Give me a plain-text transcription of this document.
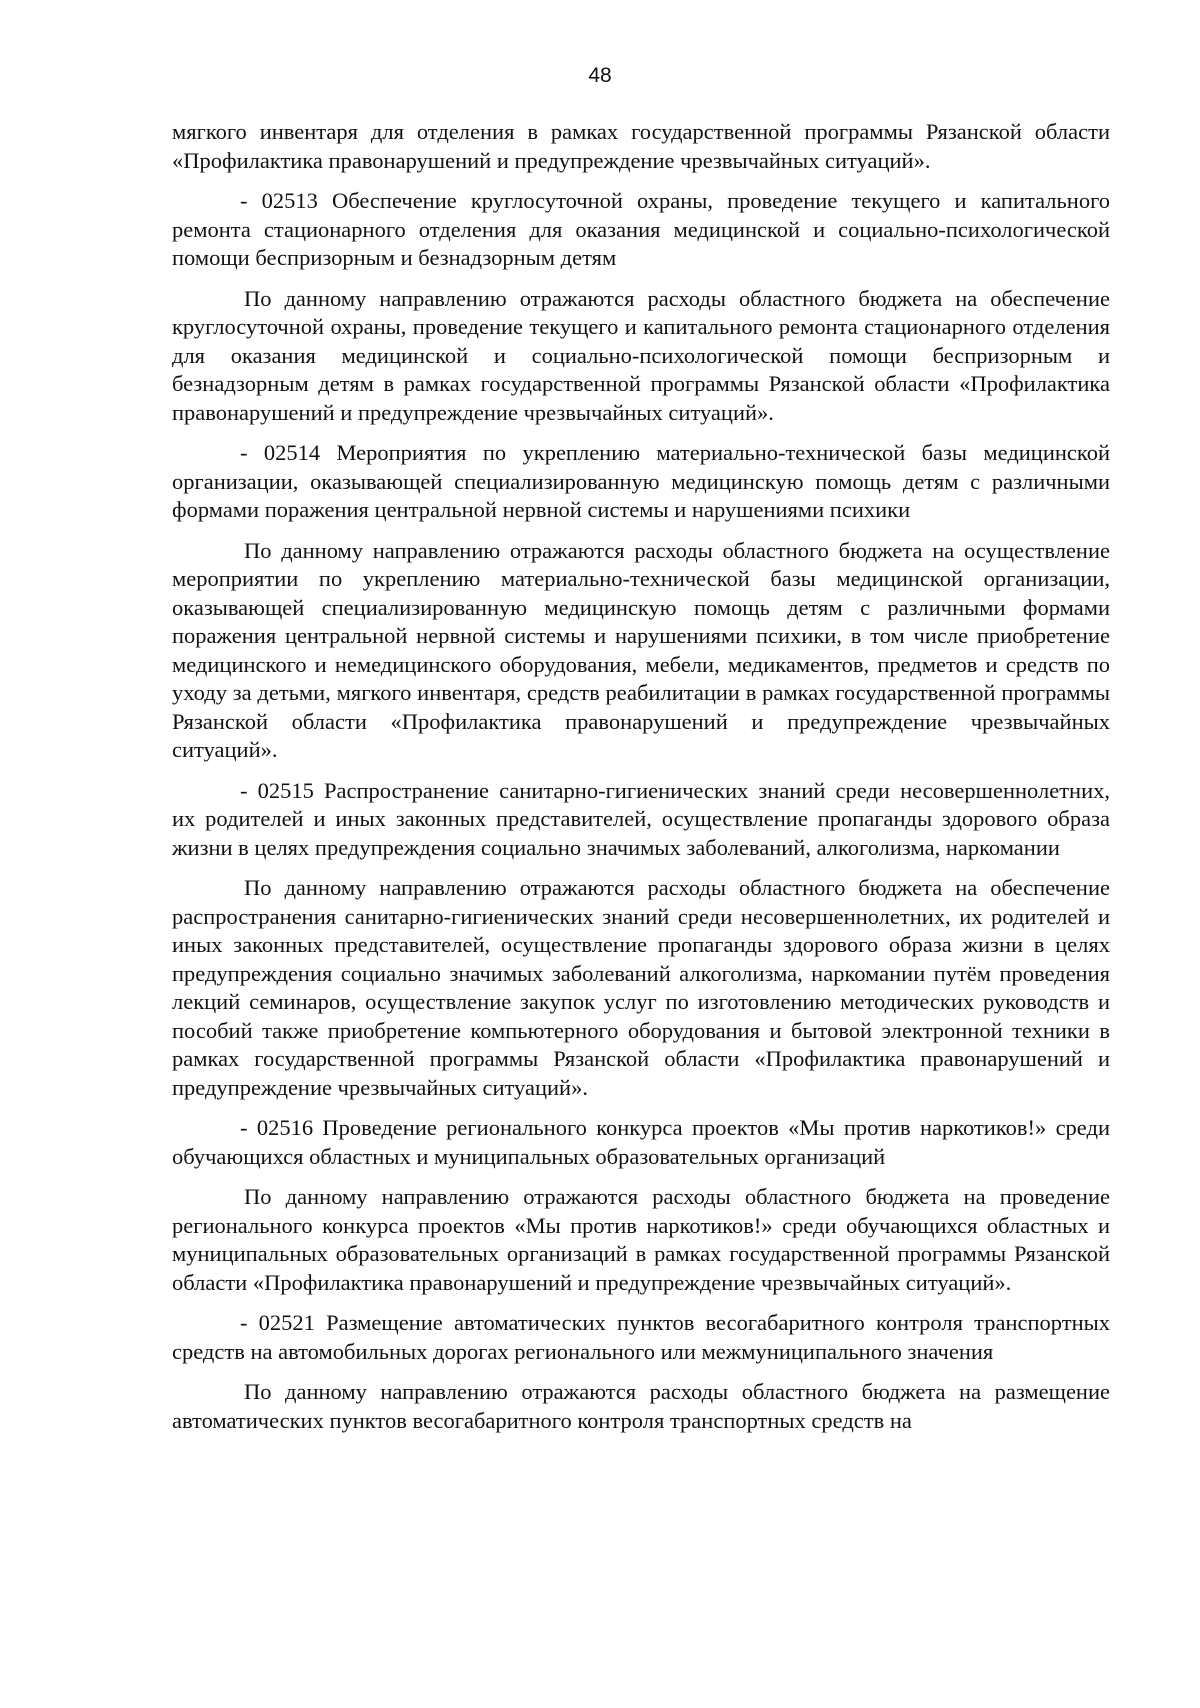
48

мягкого инвентаря для отделения в рамках государственной программы Рязанской области «Профилактика правонарушений и предупреждение чрезвычайных ситуаций».

- 02513 Обеспечение круглосуточной охраны, проведение текущего и капитального ремонта стационарного отделения для оказания медицинской и социально-психологической помощи беспризорным и безнадзорным детям

По данному направлению отражаются расходы областного бюджета на обеспечение круглосуточной охраны, проведение текущего и капитального ремонта стационарного отделения для оказания медицинской и социально-психологической помощи беспризорным и безнадзорным детям в рамках государственной программы Рязанской области «Профилактика правонарушений и предупреждение чрезвычайных ситуаций».

- 02514 Мероприятия по укреплению материально-технической базы медицинской организации, оказывающей специализированную медицинскую помощь детям с различными формами поражения центральной нервной системы и нарушениями психики

По данному направлению отражаются расходы областного бюджета на осуществление мероприятии по укреплению материально-технической базы медицинской организации, оказывающей специализированную медицинскую помощь детям с различными формами поражения центральной нервной системы и нарушениями психики, в том числе приобретение медицинского и немедицинского оборудования, мебели, медикаментов, предметов и средств по уходу за детьми, мягкого инвентаря, средств реабилитации в рамках государственной программы Рязанской области «Профилактика правонарушений и предупреждение чрезвычайных ситуаций».

- 02515 Распространение санитарно-гигиенических знаний среди несовершеннолетних, их родителей и иных законных представителей, осуществление пропаганды здорового образа жизни в целях предупреждения социально значимых заболеваний, алкоголизма, наркомании

По данному направлению отражаются расходы областного бюджета на обеспечение распространения санитарно-гигиенических знаний среди несовершеннолетних, их родителей и иных законных представителей, осуществление пропаганды здорового образа жизни в целях предупреждения социально значимых заболеваний алкоголизма, наркомании путём проведения лекций семинаров, осуществление закупок услуг по изготовлению методических руководств и пособий также приобретение компьютерного оборудования и бытовой электронной техники в рамках государственной программы Рязанской области «Профилактика правонарушений и предупреждение чрезвычайных ситуаций».

- 02516 Проведение регионального конкурса проектов «Мы против наркотиков!» среди обучающихся областных и муниципальных образовательных организаций

По данному направлению отражаются расходы областного бюджета на проведение регионального конкурса проектов «Мы против наркотиков!» среди обучающихся областных и муниципальных образовательных организаций в рамках государственной программы Рязанской области «Профилактика правонарушений и предупреждение чрезвычайных ситуаций».

- 02521 Размещение автоматических пунктов весогабаритного контроля транспортных средств на автомобильных дорогах регионального или межмуниципального значения

По данному направлению отражаются расходы областного бюджета на размещение автоматических пунктов весогабаритного контроля транспортных средств на
